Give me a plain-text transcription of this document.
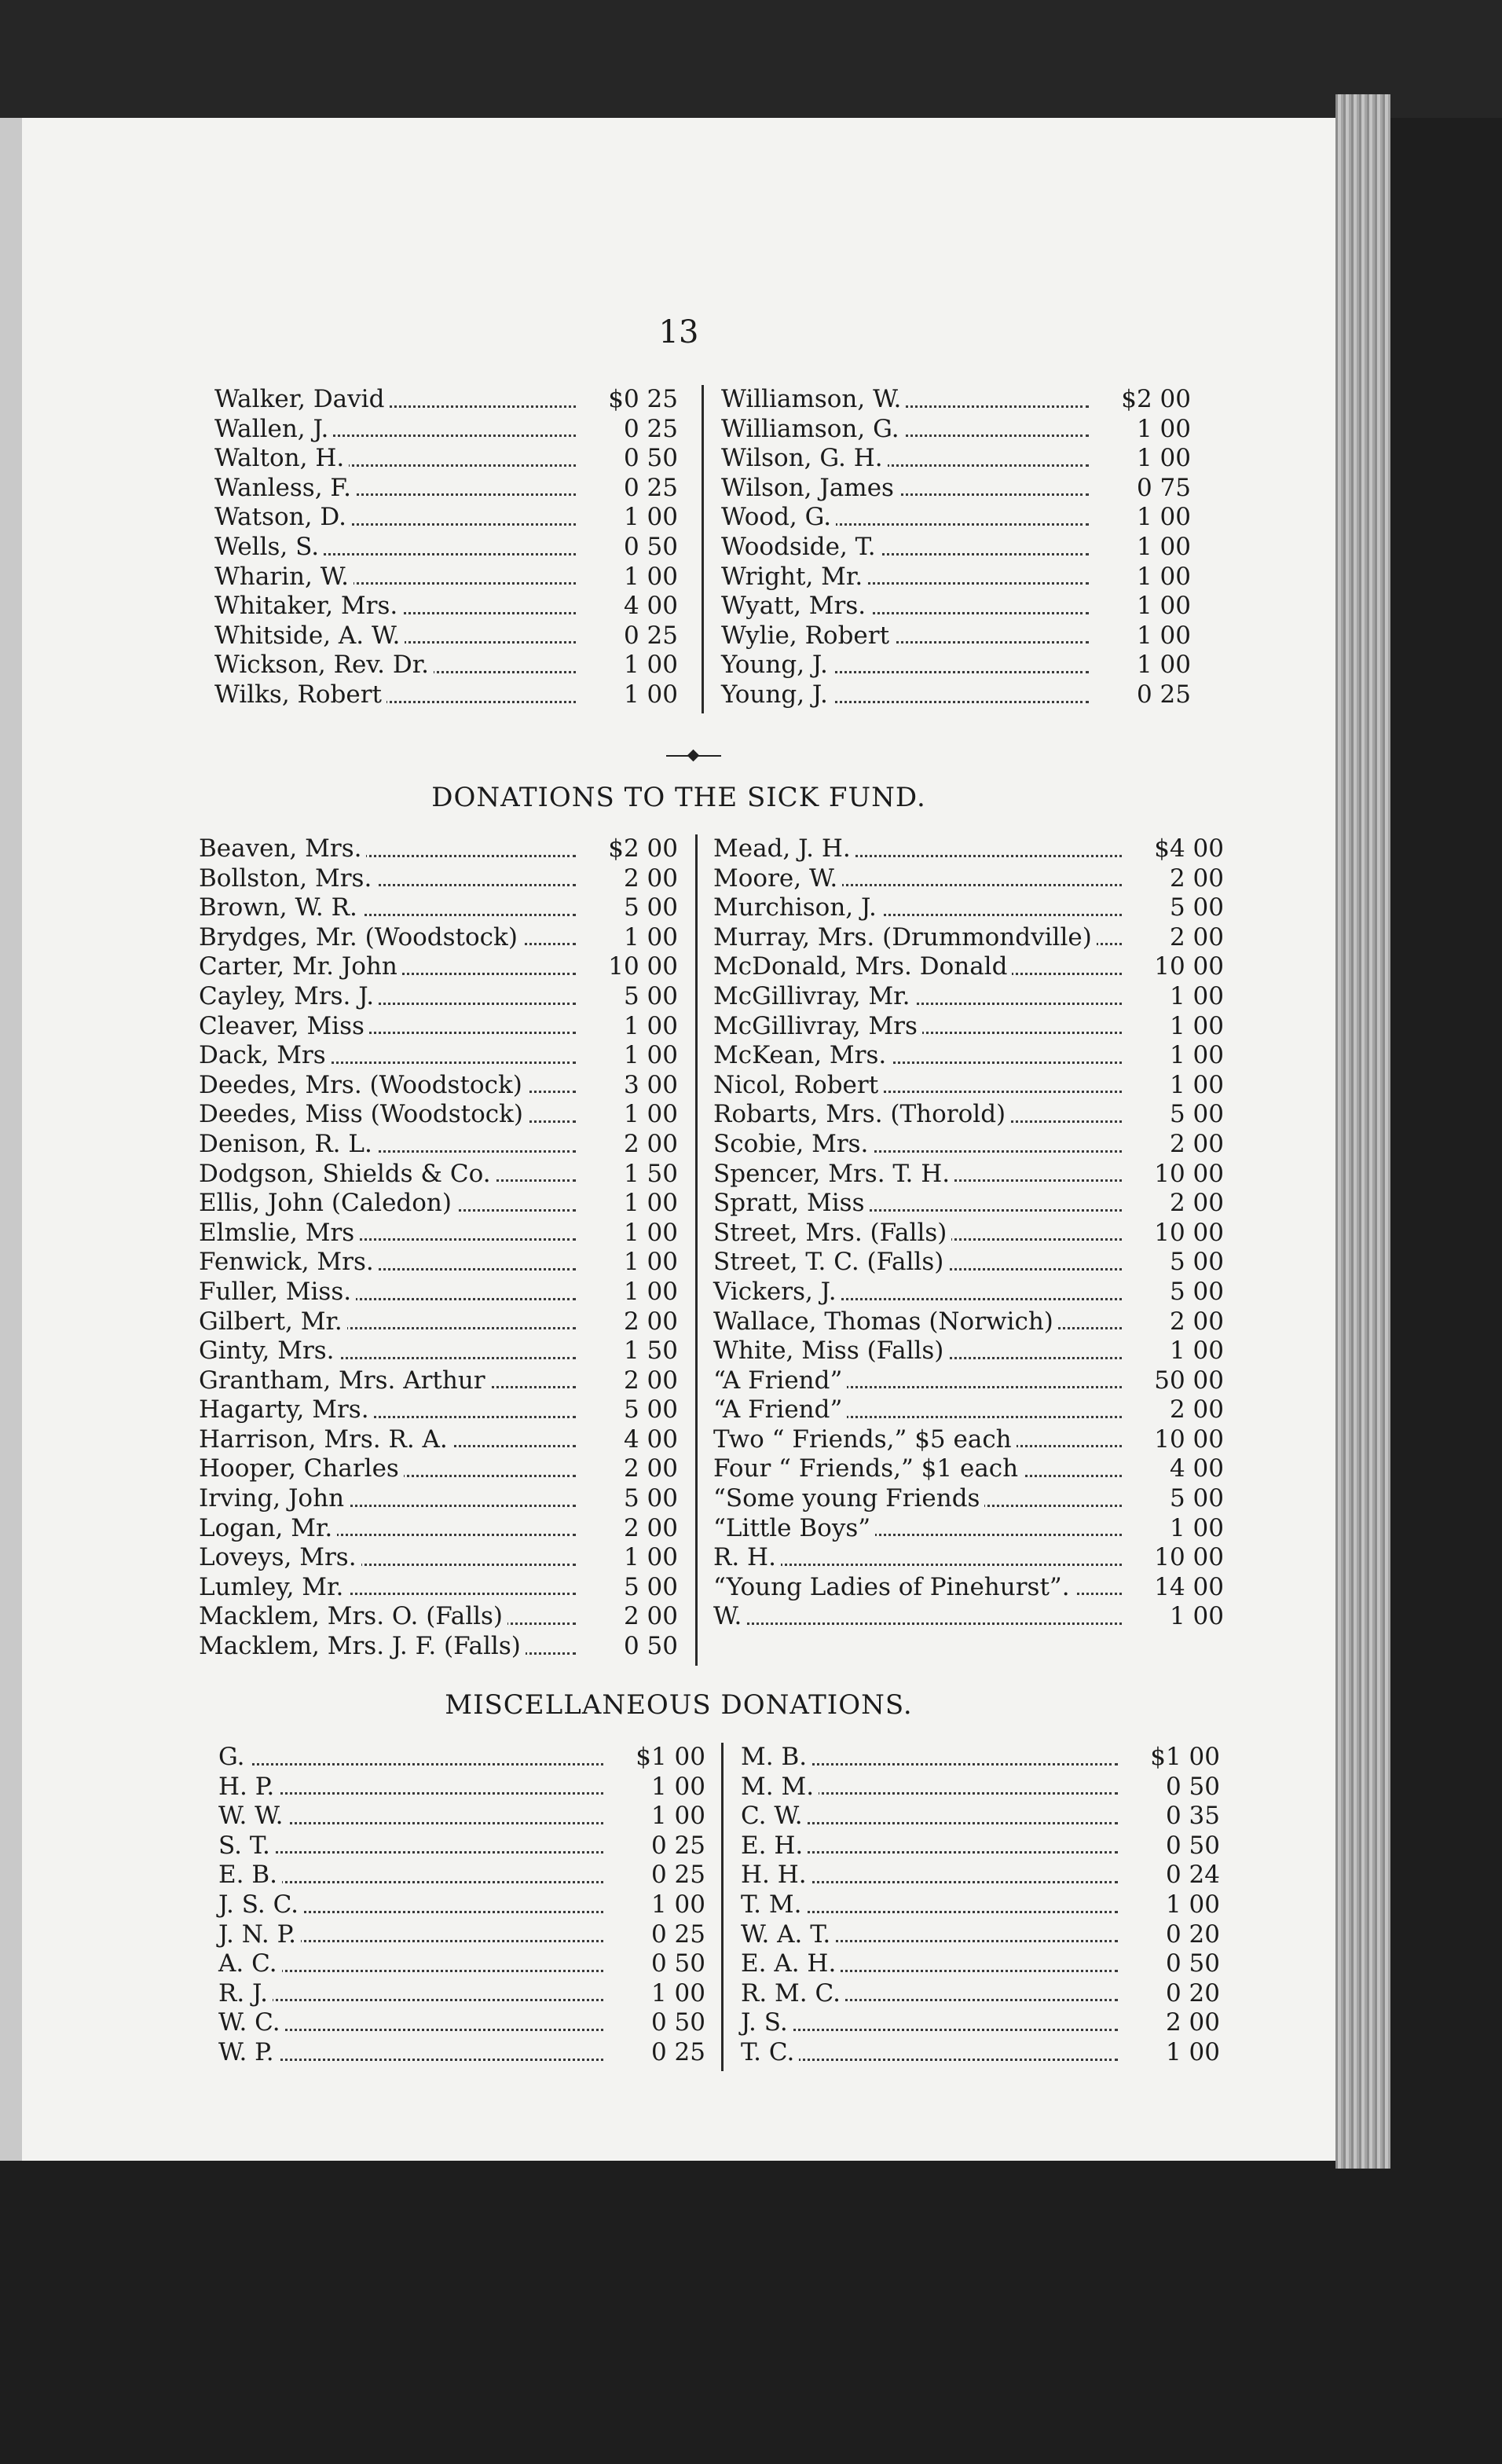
13
Walker, David	$0 25
Wallen, J.	0 25
Walton, H.	0 50
Wanless, F.	0 25
Watson, D.	1 00
Wells, S.	0 50
Wharin, W.	1 00
Whitaker, Mrs.	4 00
Whitside, A. W.	0 25
Wickson, Rev. Dr.	1 00
Wilks, Robert	1 00
Williamson, W.	$2 00
Williamson, G.	1 00
Wilson, G. H.	1 00
Wilson, James	0 75
Wood, G.	1 00
Woodside, T.	1 00
Wright, Mr.	1 00
Wyatt, Mrs.	1 00
Wylie, Robert	1 00
Young, J.	1 00
Young, J.	0 25
DONATIONS TO THE SICK FUND.
Beaven, Mrs.	$2 00
Bollston, Mrs.	2 00
Brown, W. R.	5 00
Brydges, Mr. (Woodstock)	1 00
Carter, Mr. John	10 00
Cayley, Mrs. J.	5 00
Cleaver, Miss	1 00
Dack, Mrs	1 00
Deedes, Mrs. (Woodstock)	3 00
Deedes, Miss (Woodstock)	1 00
Denison, R. L.	2 00
Dodgson, Shields & Co.	1 50
Ellis, John (Caledon)	1 00
Elmslie, Mrs	1 00
Fenwick, Mrs.	1 00
Fuller, Miss.	1 00
Gilbert, Mr.	2 00
Ginty, Mrs.	1 50
Grantham, Mrs. Arthur	2 00
Hagarty, Mrs.	5 00
Harrison, Mrs. R. A.	4 00
Hooper, Charles	2 00
Irving, John	5 00
Logan, Mr.	2 00
Loveys, Mrs.	1 00
Lumley, Mr.	5 00
Macklem, Mrs. O. (Falls)	2 00
Macklem, Mrs. J. F. (Falls)	0 50
Mead, J. H.	$4 00
Moore, W.	2 00
Murchison, J.	5 00
Murray, Mrs. (Drummondville)	2 00
McDonald, Mrs. Donald	10 00
McGillivray, Mr.	1 00
McGillivray, Mrs	1 00
McKean, Mrs.	1 00
Nicol, Robert	1 00
Robarts, Mrs. (Thorold)	5 00
Scobie, Mrs.	2 00
Spencer, Mrs. T. H.	10 00
Spratt, Miss	2 00
Street, Mrs. (Falls)	10 00
Street, T. C. (Falls)	5 00
Vickers, J.	5 00
Wallace, Thomas (Norwich)	2 00
White, Miss (Falls)	1 00
“A Friend”	50 00
“A Friend”	2 00
Two “ Friends,” $5 each	10 00
Four “ Friends,” $1 each	4 00
“Some young Friends	5 00
“Little Boys”	1 00
R. H.	10 00
“Young Ladies of Pinehurst”.	14 00
W.	1 00
MISCELLANEOUS DONATIONS.
G.	$1 00
H. P.	1 00
W. W.	1 00
S. T.	0 25
E. B.	0 25
J. S. C.	1 00
J. N. P.	0 25
A. C.	0 50
R. J.	1 00
W. C.	0 50
W. P.	0 25
M. B.	$1 00
M. M.	0 50
C. W.	0 35
E. H.	0 50
H. H.	0 24
T. M.	1 00
W. A. T.	0 20
E. A. H.	0 50
R. M. C.	0 20
J. S.	2 00
T. C.	1 00
